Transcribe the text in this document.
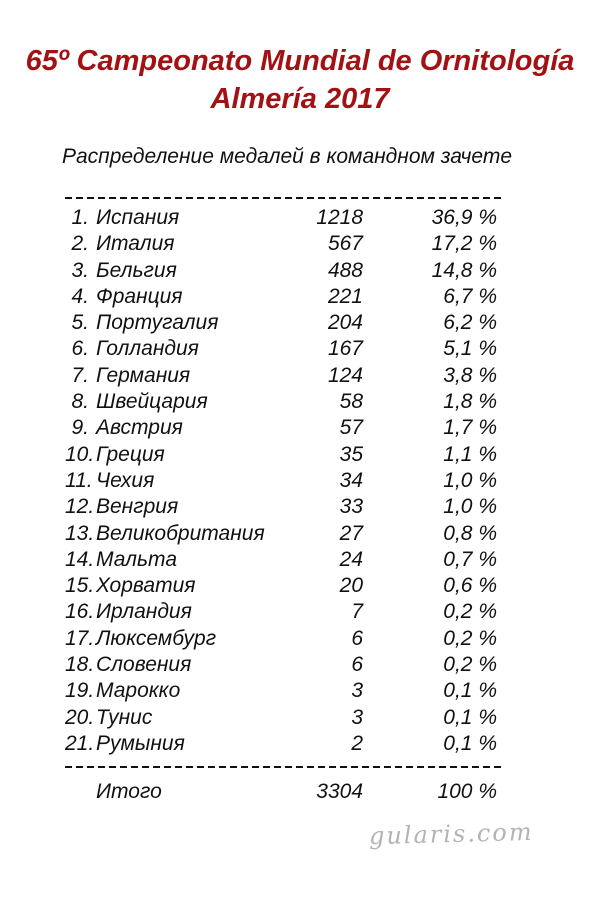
65º Campeonato Mundial de Ornitología
Almería 2017
Распределение медалей в командном зачете
1. Испания	1218	36,9 %
2. Италия	567	17,2 %
3. Бельгия	488	14,8 %
4. Франция	221	6,7 %
5. Португалия	204	6,2 %
6. Голландия	167	5,1 %
7. Германия	124	3,8 %
8. Швейцария	58	1,8 %
9. Австрия	57	1,7 %
10. Греция	35	1,1 %
11. Чехия	34	1,0 %
12. Венгрия	33	1,0 %
13. Великобритания	27	0,8 %
14. Мальта	24	0,7 %
15. Хорватия	20	0,6 %
16. Ирландия	7	0,2 %
17. Люксембург	6	0,2 %
18. Словения	6	0,2 %
19. Марокко	3	0,1 %
20. Тунис	3	0,1 %
21. Румыния	2	0,1 %
Итого	3304	100 %
gularis.com
